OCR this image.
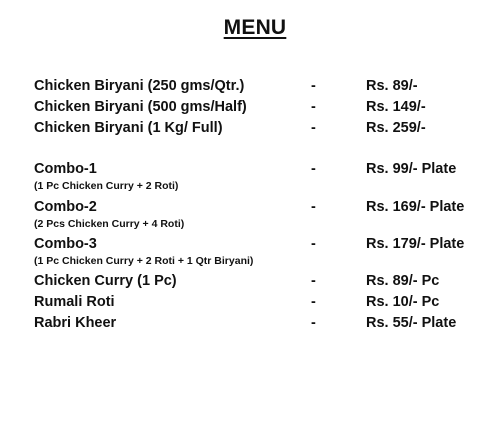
MENU
Chicken Biryani (250 gms/Qtr.)	-	Rs. 89/-
Chicken Biryani (500 gms/Half)	-	Rs. 149/-
Chicken Biryani (1 Kg/ Full)	-	Rs. 259/-
Combo-1	-	Rs. 99/- Plate
(1 Pc Chicken Curry + 2 Roti)
Combo-2	-	Rs. 169/- Plate
(2 Pcs Chicken Curry + 4 Roti)
Combo-3	-	Rs. 179/- Plate
(1 Pc Chicken Curry + 2 Roti + 1 Qtr Biryani)
Chicken Curry (1 Pc)	-	Rs. 89/- Pc
Rumali Roti	-	Rs. 10/- Pc
Rabri Kheer	-	Rs. 55/- Plate
